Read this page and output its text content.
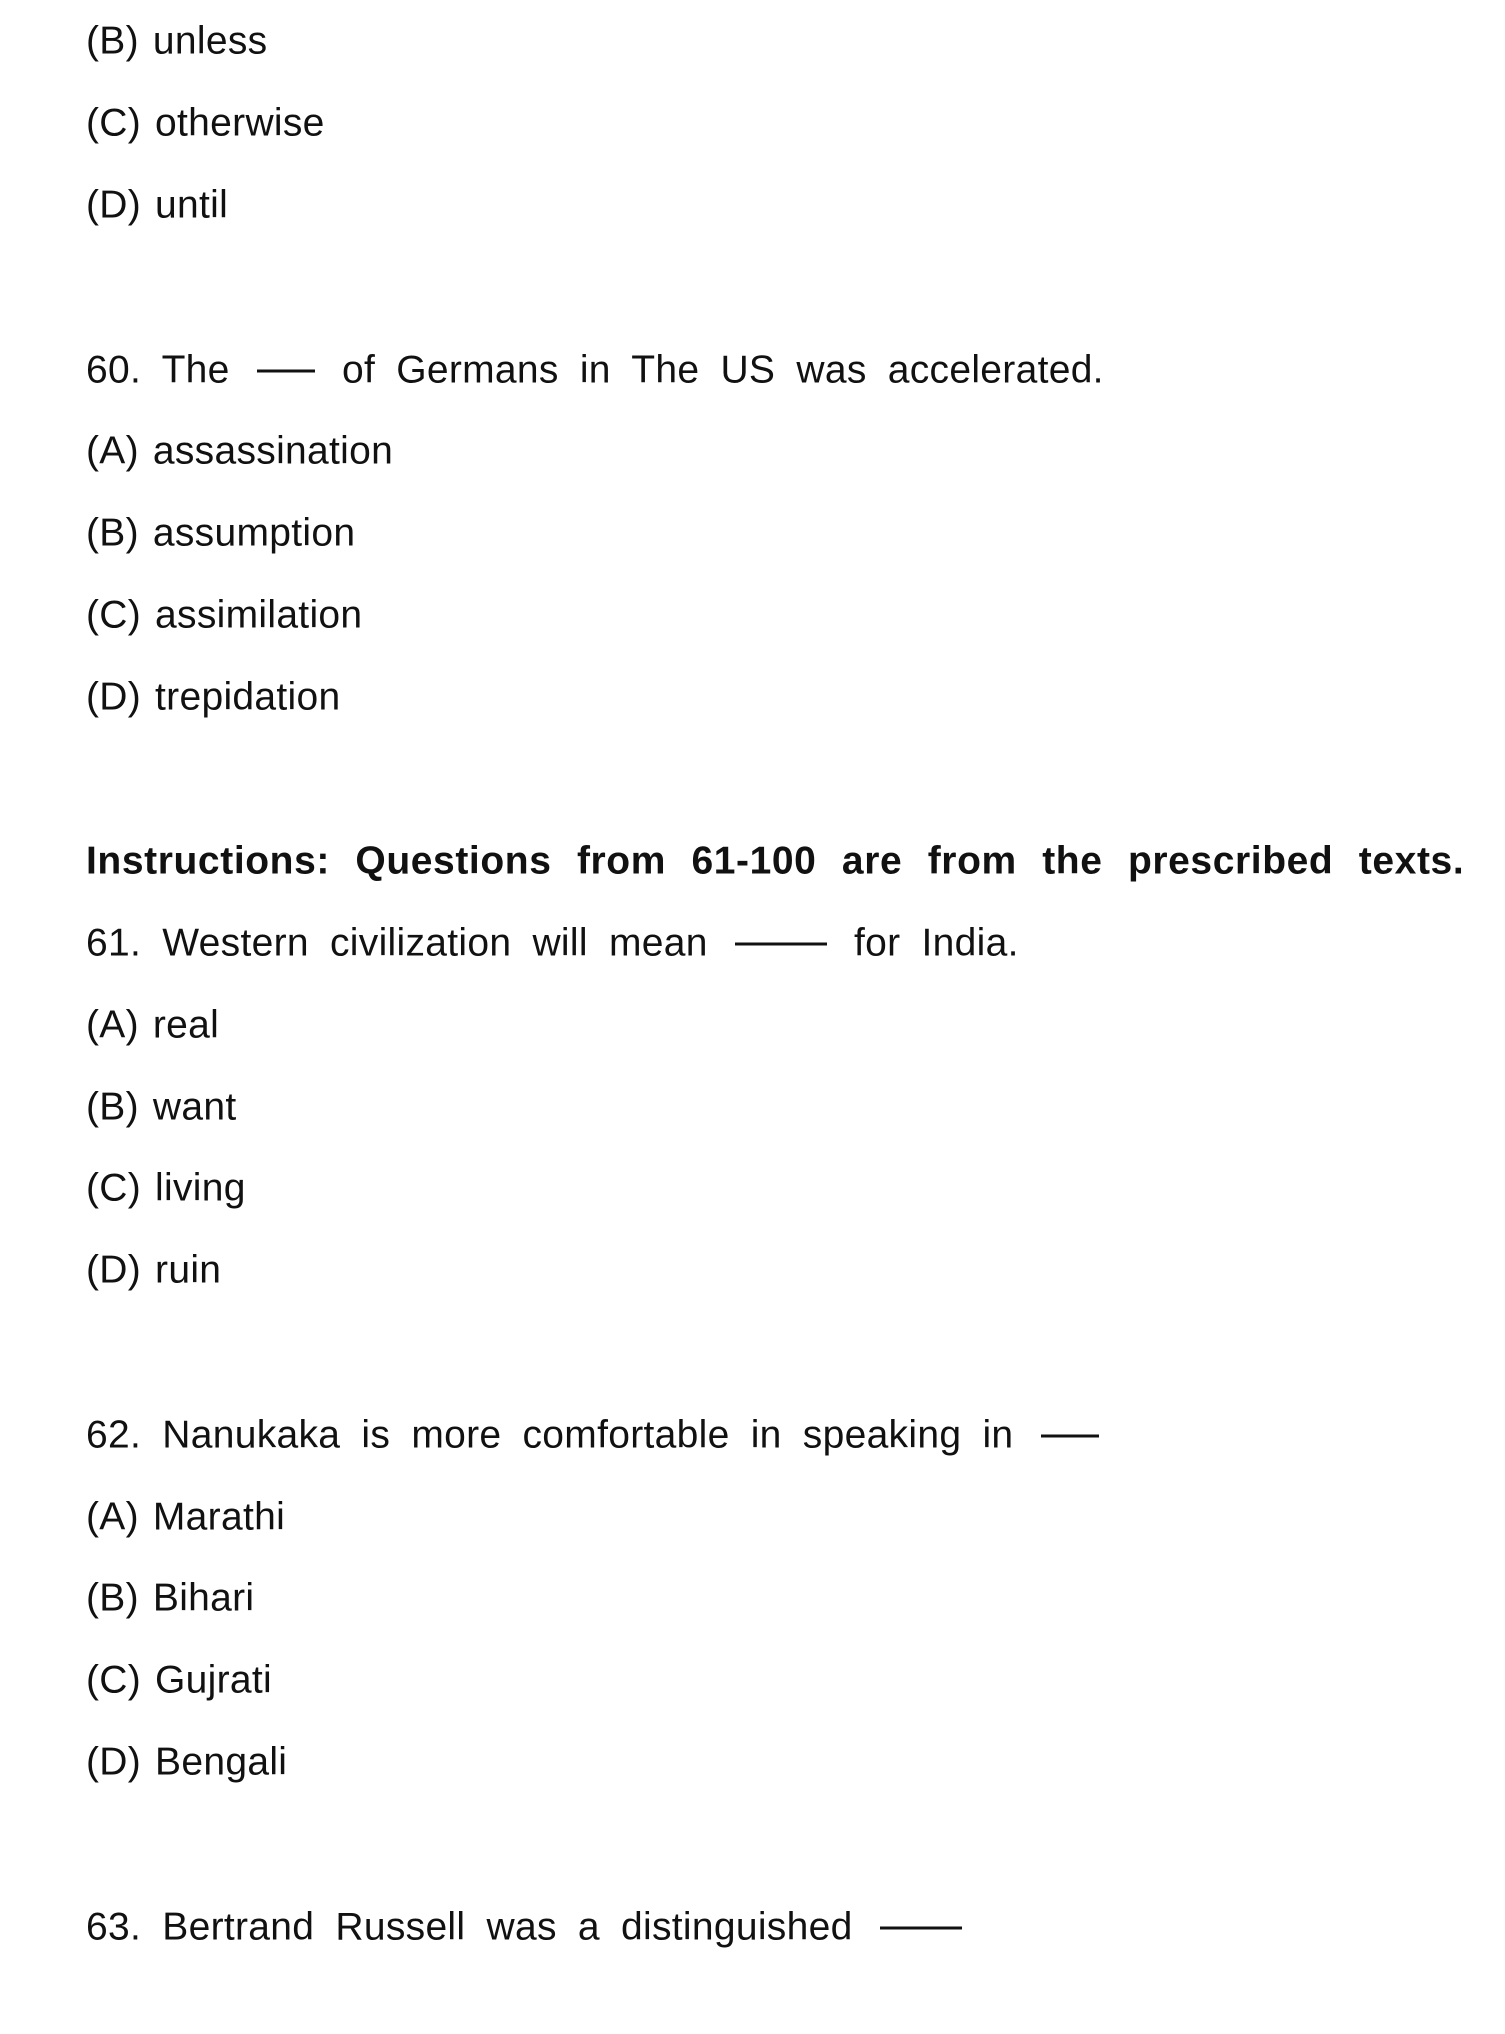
(B) unless
(C) otherwise
(D) until
60. The	of Germans in The US was accelerated.
(A) assassination
(B) assumption
(C) assimilation
(D) trepidation
Instructions: Questions from 61-100 are from the prescribed texts.
61. Western civilization will mean	for India.
(A) real
(B) want
(C) living
(D) ruin
62. Nanukaka is more comfortable in speaking in
(A) Marathi
(B) Bihari
(C) Gujrati
(D) Bengali
63. Bertrand Russell was a distinguished
